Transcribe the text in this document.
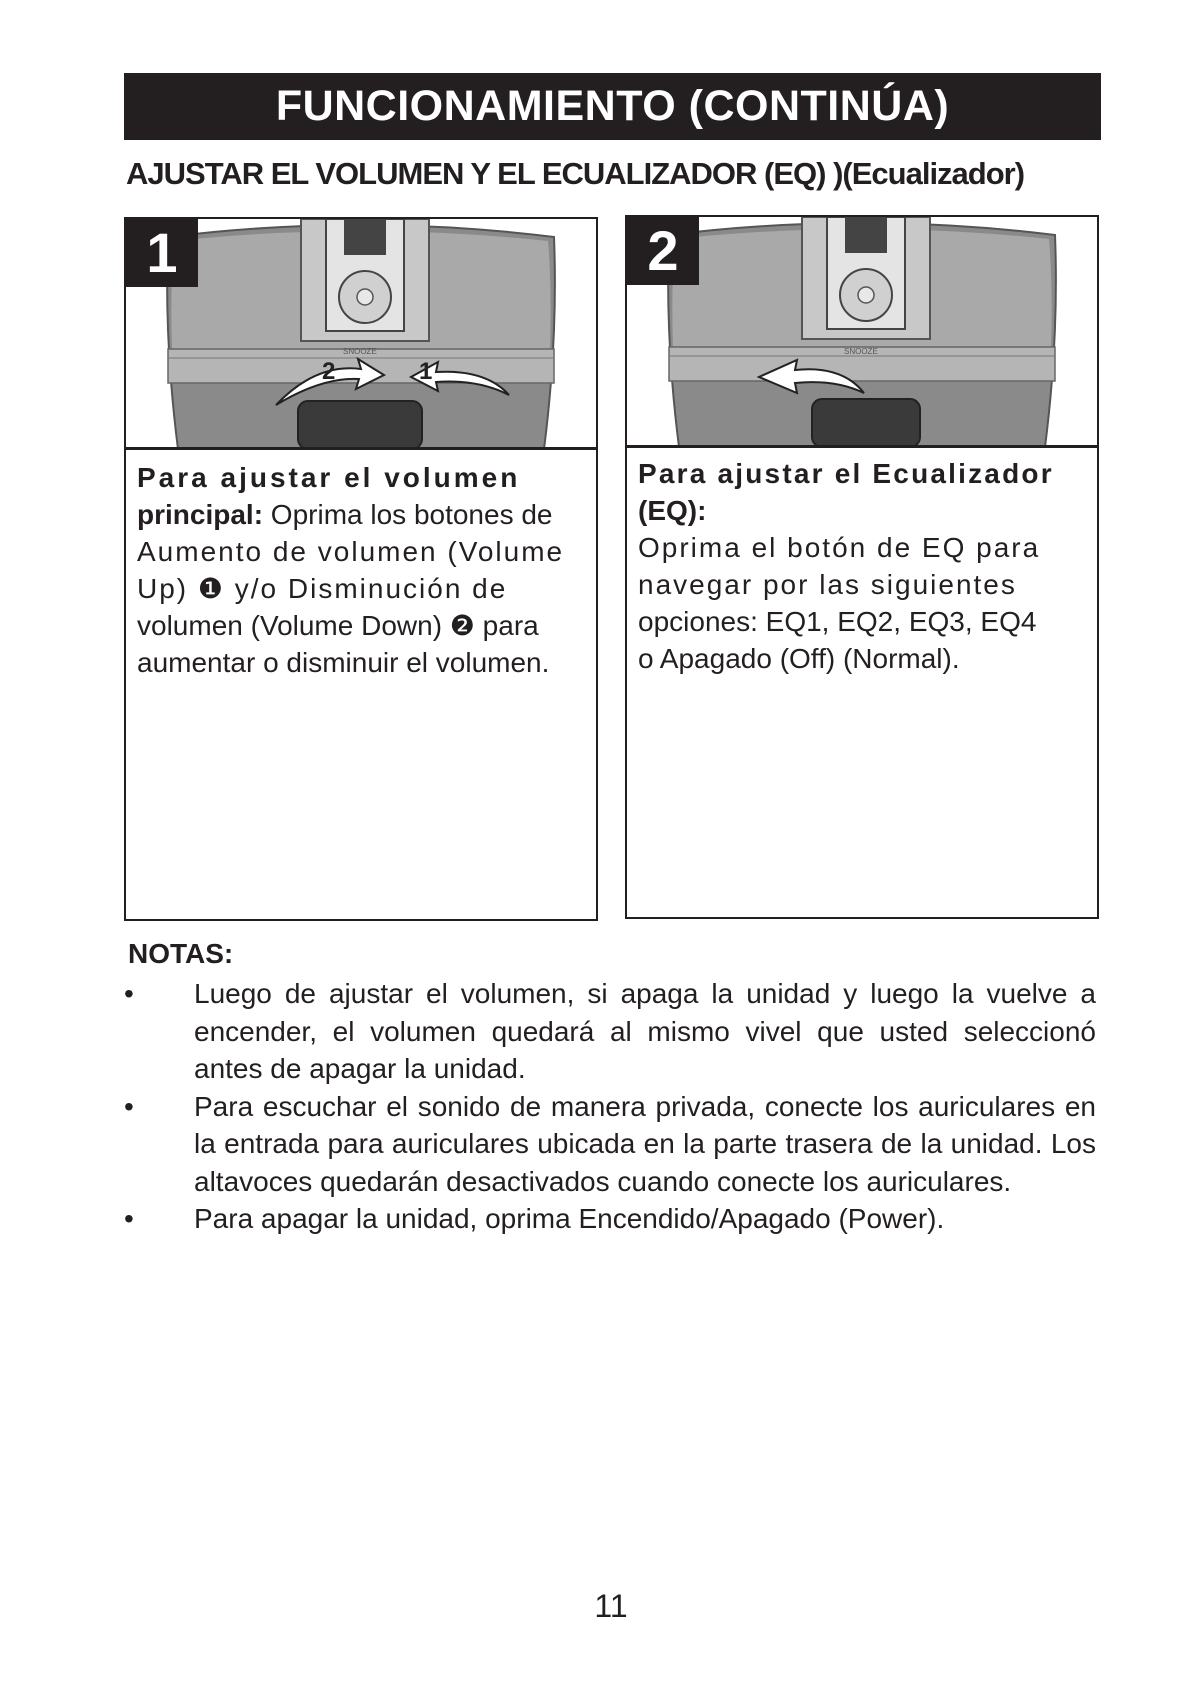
FUNCIONAMIENTO (CONTINÚA)
AJUSTAR EL VOLUMEN Y EL ECUALIZADOR (EQ) )(Ecualizador)
SNOOZE
2	1
1
Para ajustar el volumen
principal: Oprima los botones de
Aumento de volumen (Volume
Up) ❶ y/o Disminución de
volumen (Volume Down) ❷ para
aumentar o disminuir el volumen.
SNOOZE
2
Para ajustar el Ecualizador
(EQ):
Oprima el botón de EQ para
navegar por las siguientes
opciones: EQ1, EQ2, EQ3, EQ4
o Apagado (Off) (Normal).
NOTAS:
• Luego de ajustar el volumen, si apaga la unidad y luego la vuelve a encender, el volumen quedará al mismo vivel que usted seleccionó antes de apagar la unidad.
• Para escuchar el sonido de manera privada, conecte los auriculares en la entrada para auriculares ubicada en la parte trasera de la unidad. Los altavoces quedarán desactivados cuando conecte los auriculares.
• Para apagar la unidad, oprima Encendido/Apagado (Power).
11
